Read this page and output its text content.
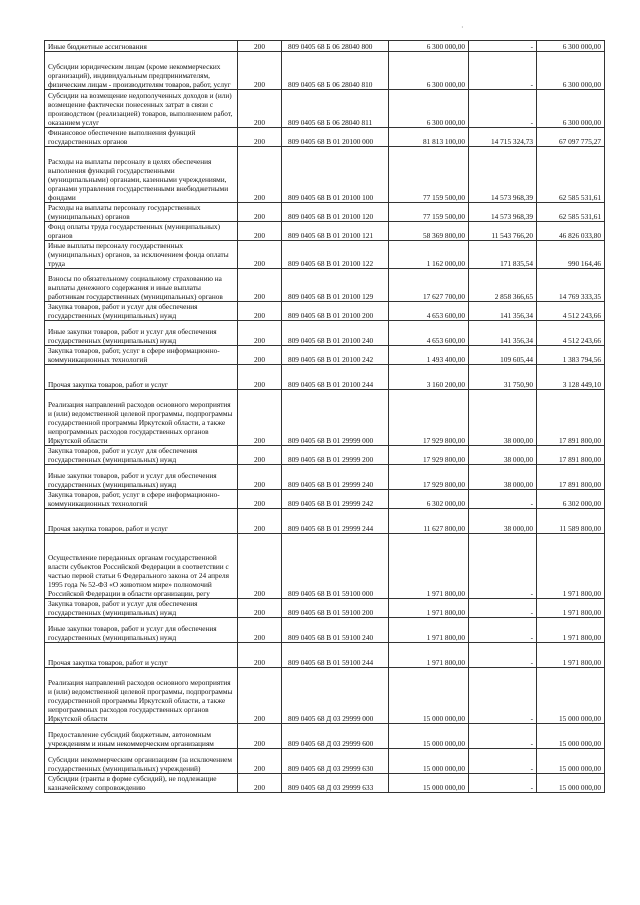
·
Иные бюджетные ассигнования	200	809 0405 68 Б 06 28040 800	6 300 000,00	-	6 300 000,00
Субсидии юридическим лицам (кроме некоммерческих организаций), индивидуальным предпринимателям, физическим лицам - производителям товаров, работ, услуг	200	809 0405 68 Б 06 28040 810	6 300 000,00	-	6 300 000,00
Субсидии на возмещение недополученных доходов и (или) возмещение фактически понесенных затрат в связи с производством (реализацией) товаров, выполнением работ, оказанием услуг	200	809 0405 68 Б 06 28040 811	6 300 000,00	-	6 300 000,00
Финансовое обеспечение выполнения функций государственных органов	200	809 0405 68 В 01 20100 000	81 813 100,00	14 715 324,73	67 097 775,27
Расходы на выплаты персоналу в целях обеспечения выполнения функций государственными (муниципальными) органами, казенными учреждениями, органами управления государственными внебюджетными фондами	200	809 0405 68 В 01 20100 100	77 159 500,00	14 573 968,39	62 585 531,61
Расходы на выплаты персоналу государственных (муниципальных) органов	200	809 0405 68 В 01 20100 120	77 159 500,00	14 573 968,39	62 585 531,61
Фонд оплаты труда государственных (муниципальных) органов	200	809 0405 68 В 01 20100 121	58 369 800,00	11 543 766,20	46 826 033,80
Иные выплаты персоналу государственных (муниципальных) органов, за исключением фонда оплаты труда	200	809 0405 68 В 01 20100 122	1 162 000,00	171 835,54	990 164,46
Взносы по обязательному социальному страхованию на выплаты денежного содержания и иные выплаты работникам государственных (муниципальных) органов	200	809 0405 68 В 01 20100 129	17 627 700,00	2 858 366,65	14 769 333,35
Закупка товаров, работ и услуг для обеспечения государственных (муниципальных) нужд	200	809 0405 68 В 01 20100 200	4 653 600,00	141 356,34	4 512 243,66
Иные закупки товаров, работ и услуг для обеспечения государственных (муниципальных) нужд	200	809 0405 68 В 01 20100 240	4 653 600,00	141 356,34	4 512 243,66
Закупка товаров, работ, услуг в сфере информационно-коммуникационных технологий	200	809 0405 68 В 01 20100 242	1 493 400,00	109 605,44	1 383 794,56
Прочая закупка товаров, работ и услуг	200	809 0405 68 В 01 20100 244	3 160 200,00	31 750,90	3 128 449,10
Реализация направлений расходов основного мероприятия и (или) ведомственной целевой программы, подпрограммы государственной программы Иркутской области, а также непрограммных расходов государственных органов Иркутской области	200	809 0405 68 В 01 29999 000	17 929 800,00	38 000,00	17 891 800,00
Закупка товаров, работ и услуг для обеспечения государственных (муниципальных) нужд	200	809 0405 68 В 01 29999 200	17 929 800,00	38 000,00	17 891 800,00
Иные закупки товаров, работ и услуг для обеспечения государственных (муниципальных) нужд	200	809 0405 68 В 01 29999 240	17 929 800,00	38 000,00	17 891 800,00
Закупка товаров, работ, услуг в сфере информационно-коммуникационных технологий	200	809 0405 68 В 01 29999 242	6 302 000,00	-	6 302 000,00
Прочая закупка товаров, работ и услуг	200	809 0405 68 В 01 29999 244	11 627 800,00	38 000,00	11 589 800,00
Осуществление переданных органам государственной власти субъектов Российской Федерации в соответствии с частью первой статьи 6 Федерального закона от 24 апреля 1995 года № 52-ФЗ «О животном мире» полномочий Российской Федерации в области организации, регу	200	809 0405 68 В 01 59100 000	1 971 800,00	-	1 971 800,00
Закупка товаров, работ и услуг для обеспечения государственных (муниципальных) нужд	200	809 0405 68 В 01 59100 200	1 971 800,00	-	1 971 800,00
Иные закупки товаров, работ и услуг для обеспечения государственных (муниципальных) нужд	200	809 0405 68 В 01 59100 240	1 971 800,00	-	1 971 800,00
Прочая закупка товаров, работ и услуг	200	809 0405 68 В 01 59100 244	1 971 800,00	-	1 971 800,00
Реализация направлений расходов основного мероприятия и (или) ведомственной целевой программы, подпрограммы государственной программы Иркутской области, а также непрограммных расходов государственных органов Иркутской области	200	809 0405 68 Д 03 29999 000	15 000 000,00	-	15 000 000,00
Предоставление субсидий бюджетным, автономным учреждениям и иным некоммерческим организациям	200	809 0405 68 Д 03 29999 600	15 000 000,00	-	15 000 000,00
Субсидии некоммерческим организациям (за исключением государственных (муниципальных) учреждений)	200	809 0405 68 Д 03 29999 630	15 000 000,00	-	15 000 000,00
Субсидии (гранты в форме субсидий), не подлежащие казначейскому сопровождению	200	809 0405 68 Д 03 29999 633	15 000 000,00	-	15 000 000,00
